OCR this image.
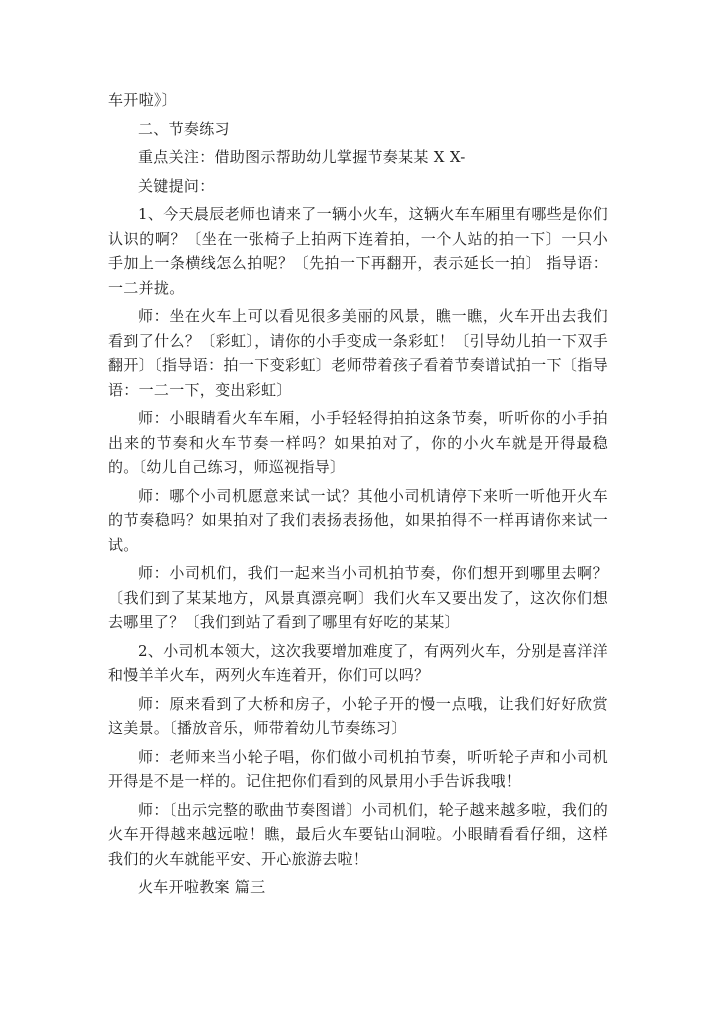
车开啦》〕

二、节奏练习

重点关注：借助图示帮助幼儿掌握节奏某某 X X-

关键提问：

1、今天晨辰老师也请来了一辆小火车，这辆火车车厢里有哪些是你们认识的啊？〔坐在一张椅子上拍两下连着拍，一个人站的拍一下〕一只小手加上一条横线怎么拍呢？〔先拍一下再翻开，表示延长一拍〕 指导语：一二并拢。

师：坐在火车上可以看见很多美丽的风景，瞧一瞧，火车开出去我们看到了什么？〔彩虹〕，请你的小手变成一条彩虹！〔引导幼儿拍一下双手翻开〕〔指导语：拍一下变彩虹〕老师带着孩子看着节奏谱试拍一下〔指导语：一二一下，变出彩虹〕

师：小眼睛看火车车厢，小手轻轻得拍拍这条节奏，听听你的小手拍出来的节奏和火车节奏一样吗？如果拍对了，你的小火车就是开得最稳的。〔幼儿自己练习，师巡视指导〕

师：哪个小司机愿意来试一试？其他小司机请停下来听一听他开火车的节奏稳吗？如果拍对了我们表扬表扬他，如果拍得不一样再请你来试一试。

师：小司机们，我们一起来当小司机拍节奏，你们想开到哪里去啊？〔我们到了某某地方，风景真漂亮啊〕我们火车又要出发了，这次你们想去哪里了？〔我们到站了看到了哪里有好吃的某某〕

2、小司机本领大，这次我要增加难度了，有两列火车，分别是喜洋洋和慢羊羊火车，两列火车连着开，你们可以吗？

师：原来看到了大桥和房子，小轮子开的慢一点哦，让我们好好欣赏这美景。〔播放音乐，师带着幼儿节奏练习〕

师：老师来当小轮子唱，你们做小司机拍节奏，听听轮子声和小司机开得是不是一样的。记住把你们看到的风景用小手告诉我哦！

师：〔出示完整的歌曲节奏图谱〕小司机们，轮子越来越多啦，我们的火车开得越来越远啦！瞧，最后火车要钻山洞啦。小眼睛看看仔细，这样我们的火车就能平安、开心旅游去啦！

火车开啦教案 篇三
